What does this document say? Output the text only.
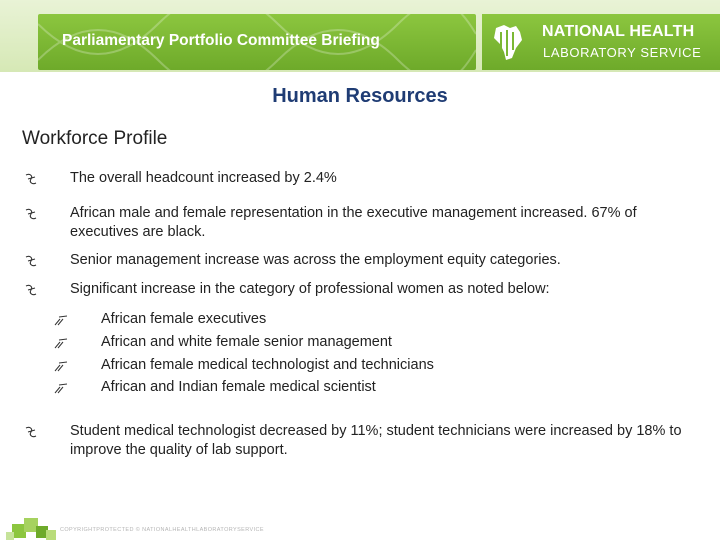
Parliamentary Portfolio Committee Briefing
NATIONAL HEALTH
LABORATORY SERVICE
Human Resources
Workforce Profile
The overall headcount increased by 2.4%
African male and female representation in the executive management increased. 67% of executives are black.
Senior management increase was across the employment equity categories.
Significant increase in the category of professional women as noted below:
African female executives
African and white female senior management
African female medical technologist and technicians
African and Indian female medical scientist
Student medical technologist decreased by 11%; student technicians were increased by 18% to improve the quality of lab support.
COPYRIGHTPROTECTED © NATIONALHEALTHLABORATORYSERVICE
